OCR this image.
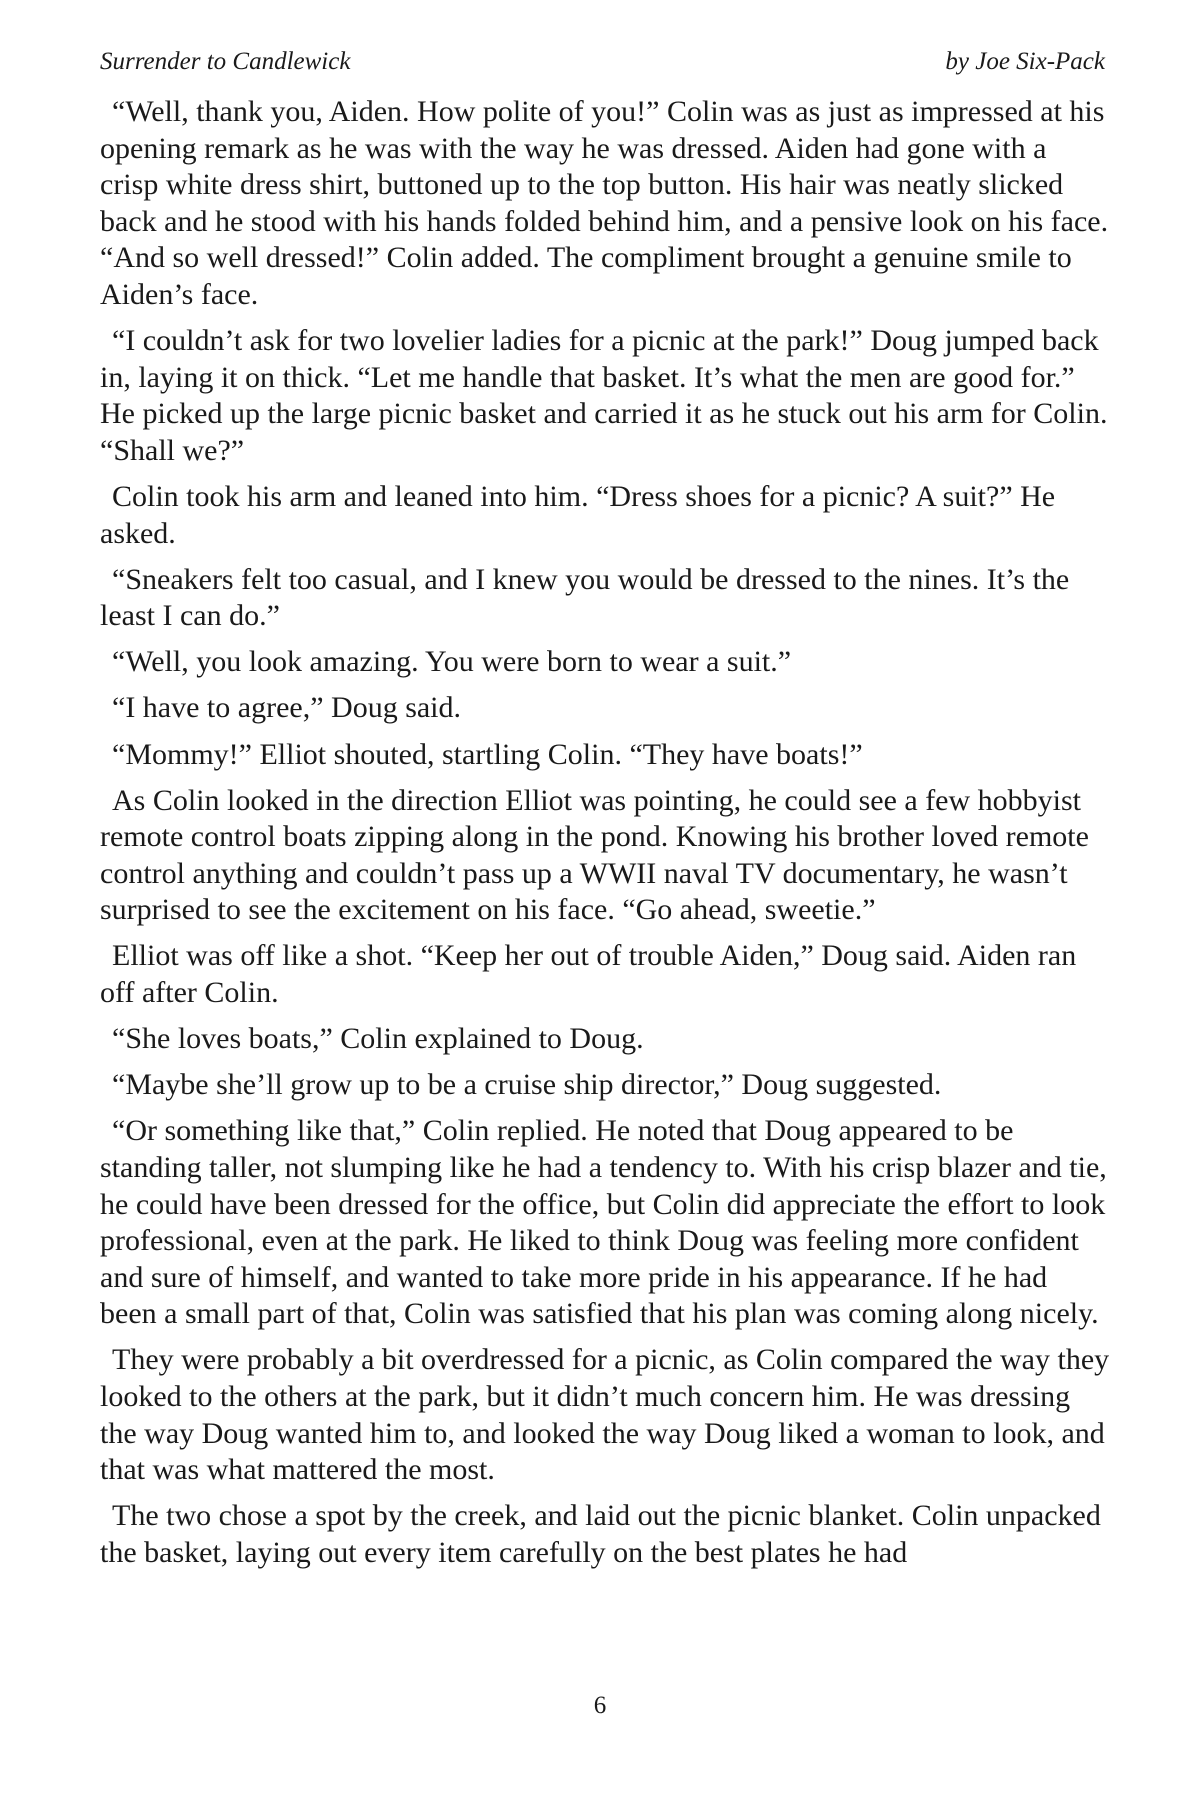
Surrender to Candlewick	by Joe Six-Pack

“Well, thank you, Aiden. How polite of you!” Colin was as just as impressed at his opening remark as he was with the way he was dressed. Aiden had gone with a crisp white dress shirt, buttoned up to the top button. His hair was neatly slicked back and he stood with his hands folded behind him, and a pensive look on his face. “And so well dressed!” Colin added. The compliment brought a genuine smile to Aiden’s face.

“I couldn’t ask for two lovelier ladies for a picnic at the park!” Doug jumped back in, laying it on thick. “Let me handle that basket. It’s what the men are good for.” He picked up the large picnic basket and carried it as he stuck out his arm for Colin. “Shall we?”

Colin took his arm and leaned into him. “Dress shoes for a picnic? A suit?” He asked.

“Sneakers felt too casual, and I knew you would be dressed to the nines. It’s the least I can do.”

“Well, you look amazing. You were born to wear a suit.”

“I have to agree,” Doug said.

“Mommy!” Elliot shouted, startling Colin. “They have boats!”

As Colin looked in the direction Elliot was pointing, he could see a few hobbyist remote control boats zipping along in the pond. Knowing his brother loved remote control anything and couldn’t pass up a WWII naval TV documentary, he wasn’t surprised to see the excitement on his face. “Go ahead, sweetie.”

Elliot was off like a shot. “Keep her out of trouble Aiden,” Doug said. Aiden ran off after Colin.

“She loves boats,” Colin explained to Doug.

“Maybe she’ll grow up to be a cruise ship director,” Doug suggested.

“Or something like that,” Colin replied. He noted that Doug appeared to be standing taller, not slumping like he had a tendency to. With his crisp blazer and tie, he could have been dressed for the office, but Colin did appreciate the effort to look professional, even at the park. He liked to think Doug was feeling more confident and sure of himself, and wanted to take more pride in his appearance. If he had been a small part of that, Colin was satisfied that his plan was coming along nicely.

They were probably a bit overdressed for a picnic, as Colin compared the way they looked to the others at the park, but it didn’t much concern him. He was dressing the way Doug wanted him to, and looked the way Doug liked a woman to look, and that was what mattered the most.

The two chose a spot by the creek, and laid out the picnic blanket. Colin unpacked the basket, laying out every item carefully on the best plates he had

6
